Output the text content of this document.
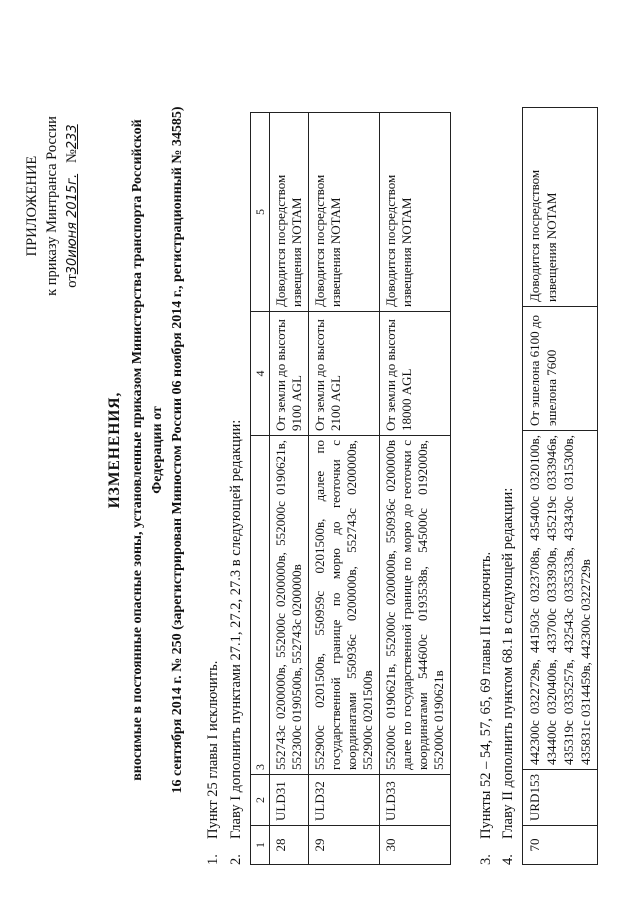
ПРИЛОЖЕНИЕ к приказу Минтранса России от30июня 2015г.   №233
ИЗМЕНЕНИЯ, вносимые в постоянные опасные зоны, установленные приказом Министерства транспорта Российской Федерации от 16 сентября 2014 г. № 250 (зарегистрирован Минюстом России 06 ноября 2014 г., регистрационный № 34585)
1.Пункт 25 главы I исключить.
2.Главу I дополнить пунктами 27.1, 27.2, 27.3 в следующей редакции:
1	2	3	4	5
28	ULD31	552743с 0200000в, 552000с 0200000в, 552000с 0190621в, 552300с 0190500в, 552743с 0200000в	От земли до высоты 9100 AGL	Доводится посредством извещения NOTAM
29	ULD32	552900с 0201500в, 550959с 0201500в, далее по государственной границе по морю до геоточки с координатами 550936с 0200000в, 552743с 0200000в, 552900с 0201500в	От земли до высоты 2100 AGL	Доводится посредством извещения NOTAM
30	ULD33	552000с 0190621в, 552000с 0200000в, 550936с 0200000в далее по государственной границе по морю до геоточки с координатами 544600с 0193538в, 545000с 0192000в, 552000с 0190621в	От земли до высоты 18000 AGL	Доводится посредством извещения NOTAM
3.Пункты 52 – 54, 57, 65, 69 главы II исключить.
4.Главу II дополнить пунктом 68.1 в следующей редакции:
70	URD153	442300с 0322729в, 441503с 0323708в, 435400с 0320100в, 434400с 0320400в, 433700с 0333930в, 435219с 0333946в, 435319с 0335257в, 432543с 0335333в, 433430с 0315300в, 435831с 0314459в, 442300с 0322729в	От эшелона 6100 до эшелона 7600	Доводится посредством извещения NOTAM
